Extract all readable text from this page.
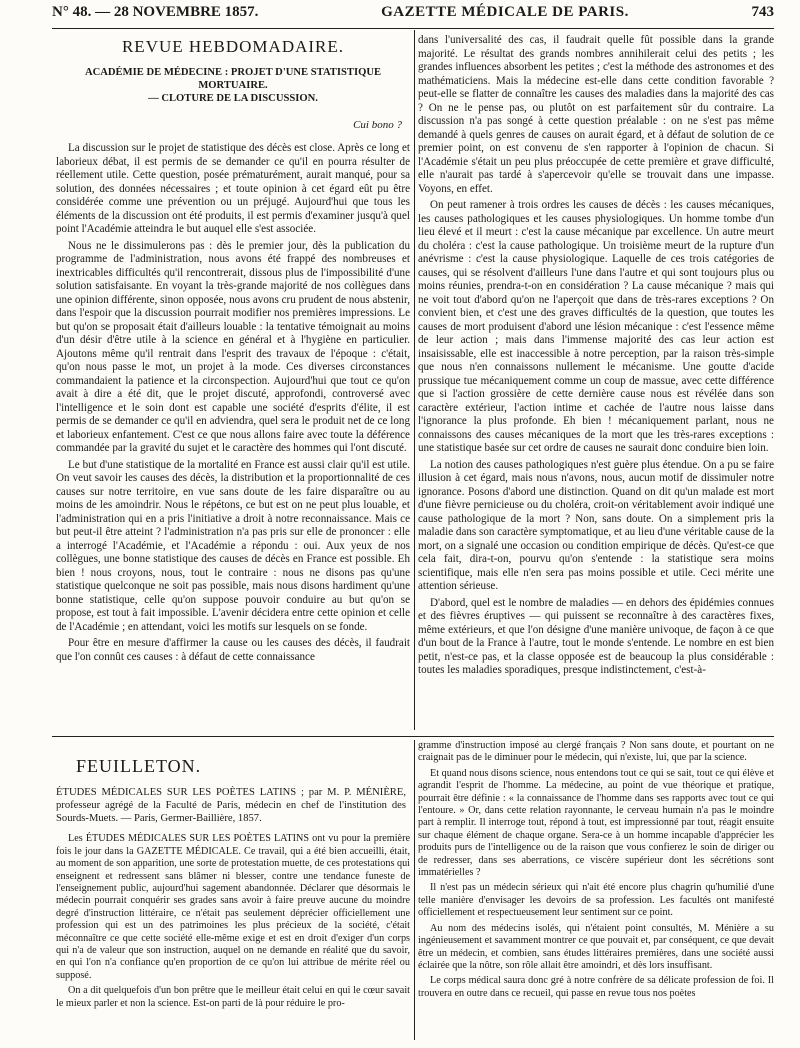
N° 48. — 28 NOVEMBRE 1857.	GAZETTE MÉDICALE DE PARIS.	743
REVUE HEBDOMADAIRE.
ACADÉMIE DE MÉDECINE : PROJET D'UNE STATISTIQUE MORTUAIRE.
— CLOTURE DE LA DISCUSSION.
Cui bono ?

La discussion sur le projet de statistique des décès est close. Après ce long et laborieux débat, il est permis de se demander ce qu'il en pourra résulter de réellement utile. Cette question, posée prématurément, aurait manqué, pour sa solution, des données nécessaires ; et toute opinion à cet égard eût pu être considérée comme une prévention ou un préjugé. Aujourd'hui que tous les éléments de la discussion ont été produits, il est permis d'examiner jusqu'à quel point l'Académie atteindra le but auquel elle s'est associée.

Nous ne le dissimulerons pas : dès le premier jour, dès la publication du programme de l'administration, nous avons été frappé des nombreuses et inextricables difficultés qu'il rencontrerait, dissous plus de l'impossibilité d'une solution satisfaisante. En voyant la très-grande majorité de nos collègues dans une opinion différente, sinon opposée, nous avons cru prudent de nous abstenir, dans l'espoir que la discussion pourrait modifier nos premières impressions. Le but qu'on se proposait était d'ailleurs louable : la tentative témoignait au moins d'un désir d'être utile à la science en général et à l'hygiène en particulier. Ajoutons même qu'il rentrait dans l'esprit des travaux de l'époque : c'était, qu'on nous passe le mot, un projet à la mode. Ces diverses circonstances commandaient la patience et la circonspection. Aujourd'hui que tout ce qu'on avait à dire a été dit, que le projet discuté, approfondi, controversé avec l'intelligence et le soin dont est capable une société d'esprits d'élite, il est permis de se demander ce qu'il en adviendra, quel sera le produit net de ce long et laborieux enfantement. C'est ce que nous allons faire avec toute la déférence commandée par la gravité du sujet et le caractère des hommes qui l'ont discuté.

Le but d'une statistique de la mortalité en France est aussi clair qu'il est utile. On veut savoir les causes des décès, la distribution et la proportionnalité de ces causes sur notre territoire, en vue sans doute de les faire disparaître ou au moins de les amoindrir. Nous le répétons, ce but est on ne peut plus louable, et l'administration qui en a pris l'initiative a droit à notre reconnaissance. Mais ce but peut-il être atteint ? l'administration n'a pas pris sur elle de prononcer : elle a interrogé l'Académie, et l'Académie a répondu : oui. Aux yeux de nos collègues, une bonne statistique des causes de décès en France est possible. Eh bien ! nous croyons, nous, tout le contraire : nous ne disons pas qu'une statistique quelconque ne soit pas possible, mais nous disons hardiment qu'une bonne statistique, celle qu'on suppose pouvoir conduire au but qu'on se propose, est tout à fait impossible. L'avenir décidera entre cette opinion et celle de l'Académie ; en attendant, voici les motifs sur lesquels on se fonde.

Pour être en mesure d'affirmer la cause ou les causes des décès, il faudrait que l'on connût ces causes : à défaut de cette connaissance

dans l'universalité des cas, il faudrait quelle fût possible dans la grande majorité. Le résultat des grands nombres annihilerait celui des petits ; les grandes influences absorbent les petites ; c'est la méthode des astronomes et des mathématiciens. Mais la médecine est-elle dans cette condition favorable ? peut-elle se flatter de connaître les causes des maladies dans la majorité des cas ? On ne le pense pas, ou plutôt on est parfaitement sûr du contraire. La discussion n'a pas songé à cette question préalable : on ne s'est pas même demandé à quels genres de causes on aurait égard, et à défaut de solution de ce premier point, on est convenu de s'en rapporter à l'opinion de chacun. Si l'Académie s'était un peu plus préoccupée de cette première et grave difficulté, elle n'aurait pas tardé à s'apercevoir qu'elle se trouvait dans une impasse. Voyons, en effet.

On peut ramener à trois ordres les causes de décès : les causes mécaniques, les causes pathologiques et les causes physiologiques. Un homme tombe d'un lieu élevé et il meurt : c'est la cause mécanique par excellence. Un autre meurt du choléra : c'est la cause pathologique. Un troisième meurt de la rupture d'un anévrisme : c'est la cause physiologique. Laquelle de ces trois catégories de causes, qui se résolvent d'ailleurs l'une dans l'autre et qui sont toujours plus ou moins réunies, prendra-t-on en considération ? La cause mécanique ? mais qui ne voit tout d'abord qu'on ne l'aperçoit que dans de très-rares exceptions ? On convient bien, et c'est une des graves difficultés de la question, que toutes les causes de mort produisent d'abord une lésion mécanique : c'est l'essence même de leur action ; mais dans l'immense majorité des cas leur action est insaisissable, elle est inaccessible à notre perception, par la raison très-simple que nous n'en connaissons nullement le mécanisme. Une goutte d'acide prussique tue mécaniquement comme un coup de massue, avec cette différence que si l'action grossière de cette dernière cause nous est révélée dans son caractère extérieur, l'action intime et cachée de l'autre nous laisse dans l'ignorance la plus profonde. Eh bien ! mécaniquement parlant, nous ne connaissons des causes mécaniques de la mort que les très-rares exceptions : une statistique basée sur cet ordre de causes ne saurait donc conduire bien loin.

La notion des causes pathologiques n'est guère plus étendue. On a pu se faire illusion à cet égard, mais nous n'avons, nous, aucun motif de dissimuler notre ignorance. Posons d'abord une distinction. Quand on dit qu'un malade est mort d'une fièvre pernicieuse ou du choléra, croit-on véritablement avoir indiqué une cause pathologique de la mort ? Non, sans doute. On a simplement pris la maladie dans son caractère symptomatique, et au lieu d'une véritable cause de la mort, on a signalé une occasion ou condition empirique de décès. Qu'est-ce que cela fait, dira-t-on, pourvu qu'on s'entende : la statistique sera moins scientifique, mais elle n'en sera pas moins possible et utile. Ceci mérite une attention sérieuse.

D'abord, quel est le nombre de maladies — en dehors des épidémies connues et des fièvres éruptives — qui puissent se reconnaître à des caractères fixes, même extérieurs, et que l'on désigne d'une manière univoque, de façon à ce que d'un bout de la France à l'autre, tout le monde s'entende. Le nombre en est bien petit, n'est-ce pas, et la classe opposée est de beaucoup la plus considérable : toutes les maladies sporadiques, presque indistinctement, c'est-à-

FEUILLETON.
ÉTUDES MÉDICALES SUR LES POÈTES LATINS ; par M. P. MÉNIÈRE, professeur agrégé de la Faculté de Paris, médecin en chef de l'institution des Sourds-Muets. — Paris, Germer-Baillière, 1857.

Les ÉTUDES MÉDICALES SUR LES POÈTES LATINS ont vu pour la première fois le jour dans la GAZETTE MÉDICALE. Ce travail, qui a été bien accueilli, était, au moment de son apparition, une sorte de protestation muette, de ces protestations qui enseignent et redressent sans blâmer ni blesser, contre une tendance funeste de l'enseignement public, aujourd'hui sagement abandonnée. Déclarer que désormais le médecin pourrait conquérir ses grades sans avoir à faire preuve aucune du moindre degré d'instruction littéraire, ce n'était pas seulement déprécier officiellement une profession qui est un des patrimoines les plus précieux de la société, c'était méconnaître ce que cette société elle-même exige et est en droit d'exiger d'un corps qui n'a de valeur que son instruction, auquel on ne demande en réalité que du savoir, en qui l'on n'a confiance qu'en proportion de ce qu'on lui attribue de mérite réel ou supposé.

On a dit quelquefois d'un bon prêtre que le meilleur était celui en qui le cœur savait le mieux parler et non la science. Est-on parti de là pour réduire le pro-

gramme d'instruction imposé au clergé français ? Non sans doute, et pourtant on ne craignait pas de le diminuer pour le médecin, qui n'existe, lui, que par la science.

Et quand nous disons science, nous entendons tout ce qui se sait, tout ce qui élève et agrandit l'esprit de l'homme. La médecine, au point de vue théorique et pratique, pourrait être définie : « la connaissance de l'homme dans ses rapports avec tout ce qui l'entoure. » Or, dans cette relation rayonnante, le cerveau humain n'a pas le moindre part à remplir. Il interroge tout, répond à tout, est impressionné par tout, réagit ensuite sur chaque élément de chaque organe. Sera-ce à un homme incapable d'apprécier les produits purs de l'intelligence ou de la raison que vous confierez le soin de diriger ou de redresser, dans ses aberrations, ce viscère supérieur dont les sécrétions sont immatérielles ?

Il n'est pas un médecin sérieux qui n'ait été encore plus chagrin qu'humilié d'une telle manière d'envisager les devoirs de sa profession. Les facultés ont manifesté officiellement et respectueusement leur sentiment sur ce point.

Au nom des médecins isolés, qui n'étaient point consultés, M. Ménière a su ingénieusement et savamment montrer ce que pouvait et, par conséquent, ce que devait être un médecin, et combien, sans études littéraires premières, dans une société aussi éclairée que la nôtre, son rôle allait être amoindri, et dès lors insuffisant.

Le corps médical saura donc gré à notre confrère de sa délicate profession de foi. Il trouvera en outre dans ce recueil, qui passe en revue tous nos poètes
